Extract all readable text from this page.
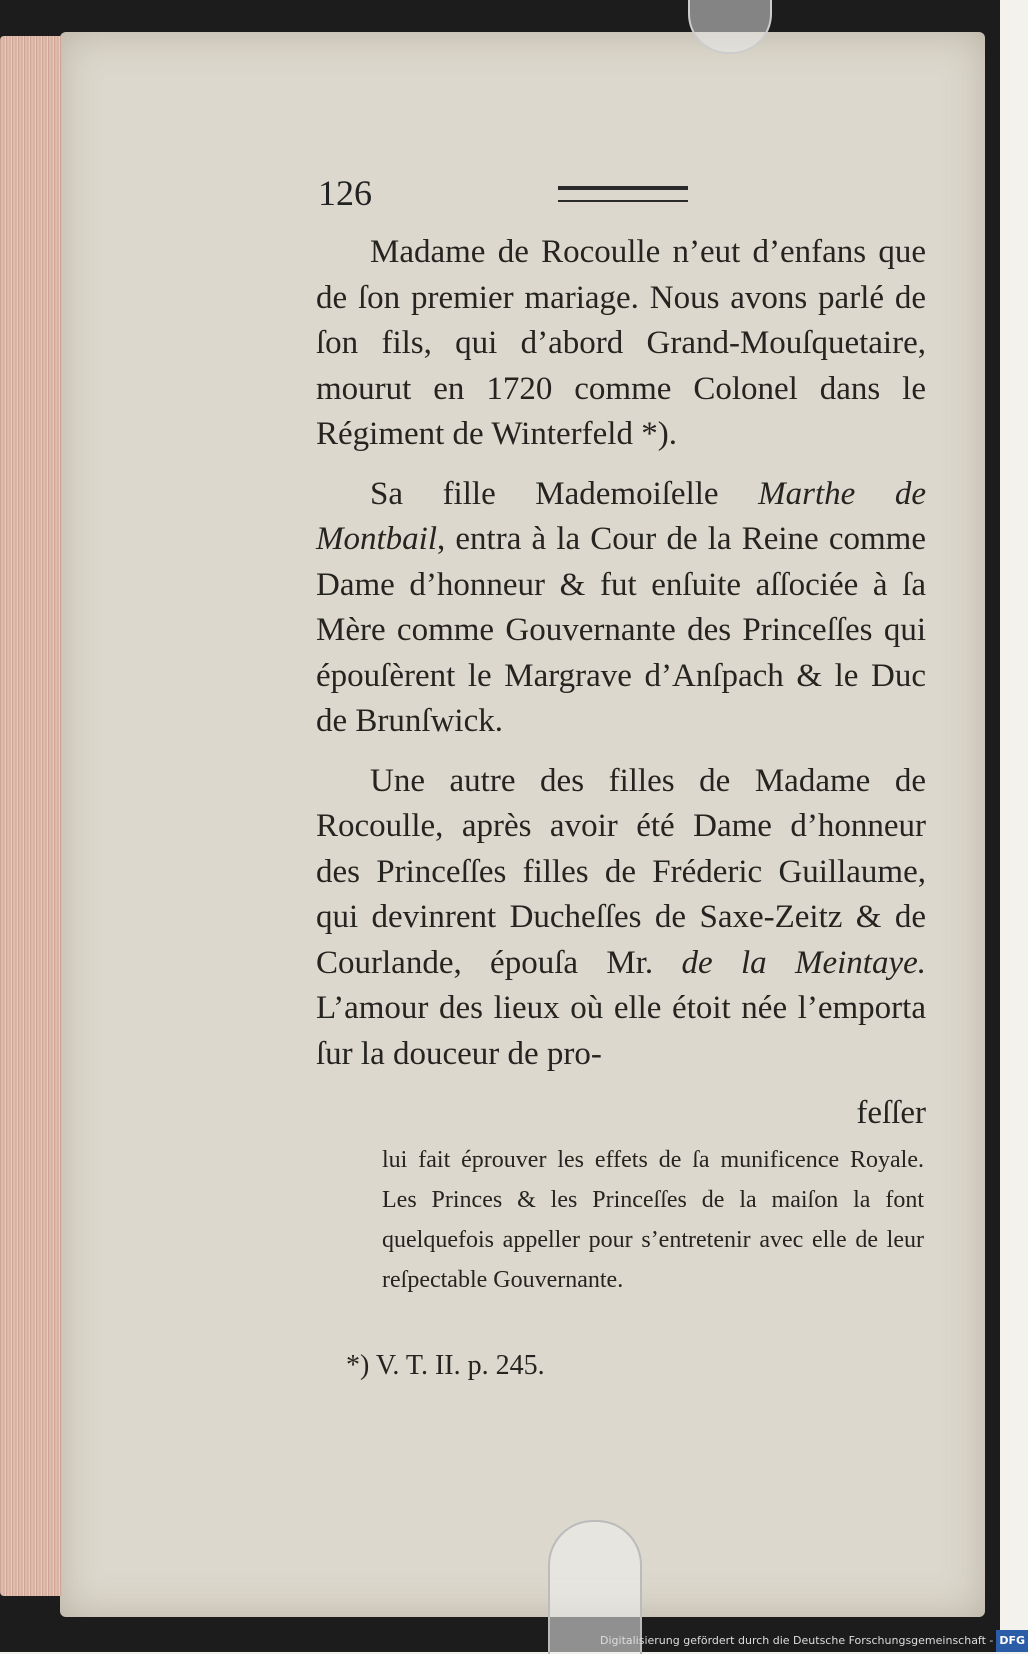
126

Madame de Rocoulle n’eut d’enfans que de ſon premier mariage. Nous avons parlé de ſon fils, qui d’abord Grand-Mouſquetaire, mourut en 1720 comme Colonel dans le Régiment de Winterfeld *).

Sa fille Mademoiſelle Marthe de Montbail, entra à la Cour de la Reine comme Dame d’honneur & fut enſuite aſſociée à ſa Mère comme Gouvernante des Princeſſes qui épouſèrent le Margrave d’Anſpach & le Duc de Brunſwick.

Une autre des filles de Madame de Rocoulle, après avoir été Dame d’honneur des Princeſſes filles de Fréderic Guillaume, qui devinrent Ducheſſes de Saxe-Zeitz & de Courlande, épouſa Mr. de la Meintaye. L’amour des lieux où elle étoit née l’emporta ſur la douceur de pro-

feſſer

lui fait éprouver les effets de ſa munificence Royale. Les Princes & les Princeſſes de la maiſon la font quelquefois appeller pour s’entretenir avec elle de leur reſpectable Gouvernante.
*) V. T. II. p. 245.
Digitalisierung gefördert durch die Deutsche Forschungsgemeinschaft - DFG
